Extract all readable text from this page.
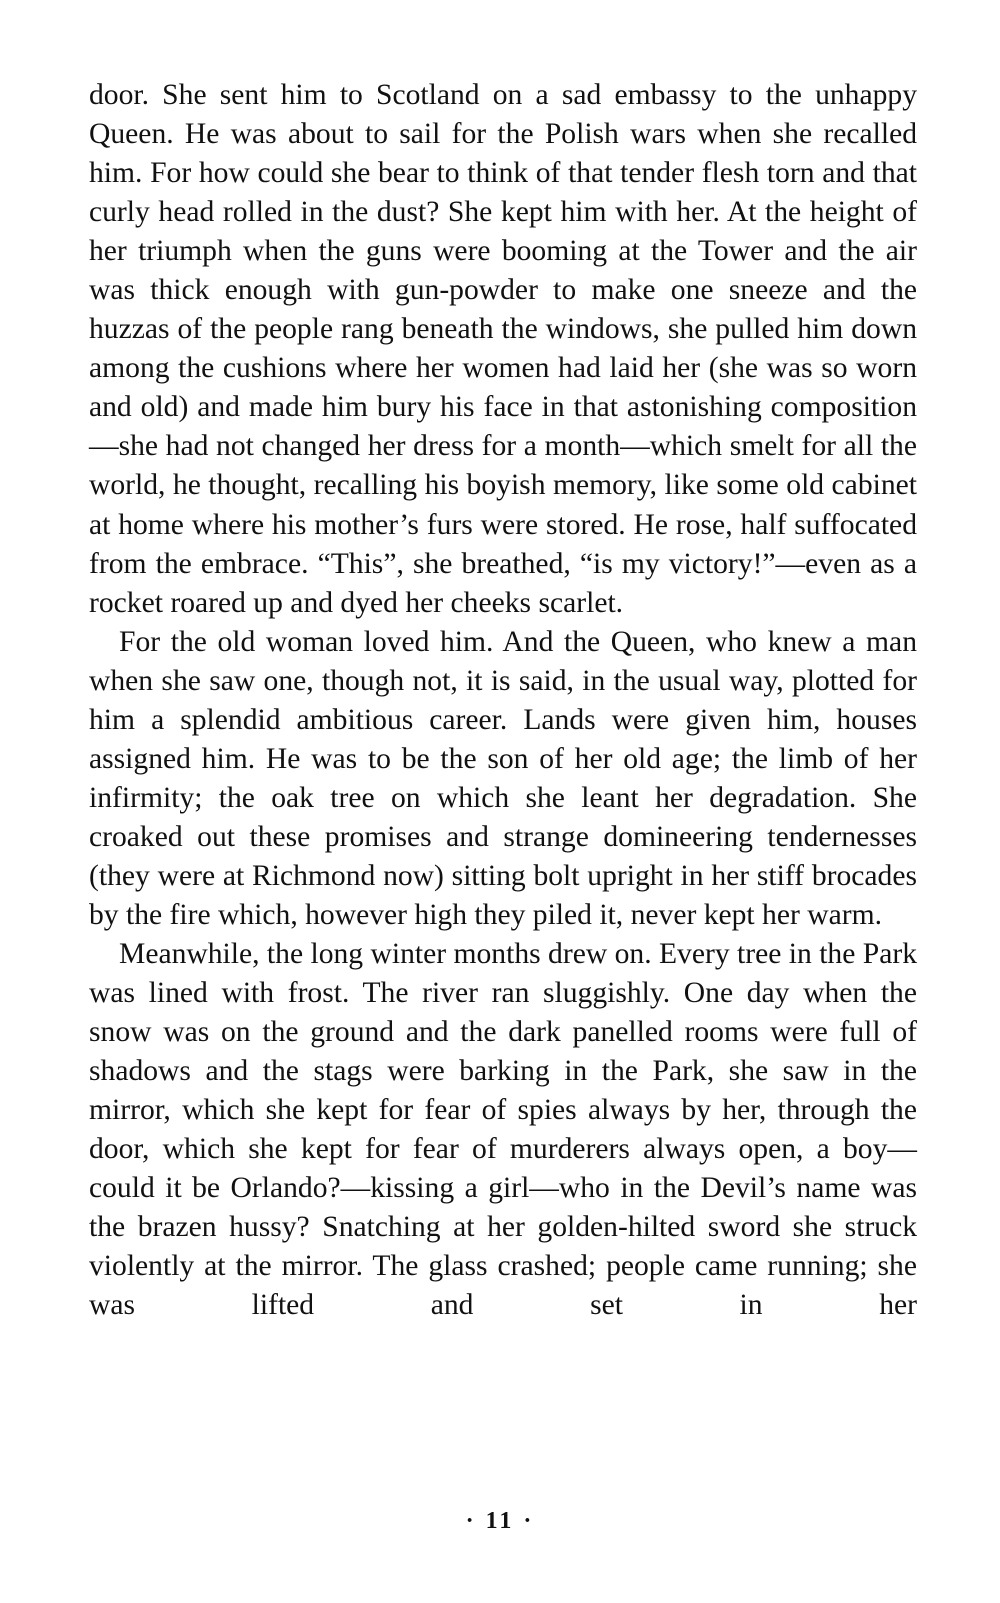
door. She sent him to Scotland on a sad embassy to the unhappy Queen. He was about to sail for the Polish wars when she recalled him. For how could she bear to think of that tender flesh torn and that curly head rolled in the dust? She kept him with her. At the height of her triumph when the guns were booming at the Tower and the air was thick enough with gun-powder to make one sneeze and the huzzas of the people rang beneath the windows, she pulled him down among the cushions where her women had laid her (she was so worn and old) and made him bury his face in that astonishing composition—she had not changed her dress for a month—which smelt for all the world, he thought, recalling his boyish memory, like some old cabinet at home where his mother’s furs were stored. He rose, half suffocated from the embrace. “This”, she breathed, “is my victory!”—even as a rocket roared up and dyed her cheeks scarlet.

For the old woman loved him. And the Queen, who knew a man when she saw one, though not, it is said, in the usual way, plotted for him a splendid ambitious career. Lands were given him, houses assigned him. He was to be the son of her old age; the limb of her infirmity; the oak tree on which she leant her degradation. She croaked out these promises and strange domineering tendernesses (they were at Richmond now) sitting bolt upright in her stiff brocades by the fire which, however high they piled it, never kept her warm.

Meanwhile, the long winter months drew on. Every tree in the Park was lined with frost. The river ran sluggishly. One day when the snow was on the ground and the dark panelled rooms were full of shadows and the stags were barking in the Park, she saw in the mirror, which she kept for fear of spies always by her, through the door, which she kept for fear of murderers always open, a boy—could it be Orlando?—kissing a girl—who in the Devil’s name was the brazen hussy? Snatching at her golden-hilted sword she struck violently at the mirror. The glass crashed; people came running; she was lifted and set in her

· 11 ·
